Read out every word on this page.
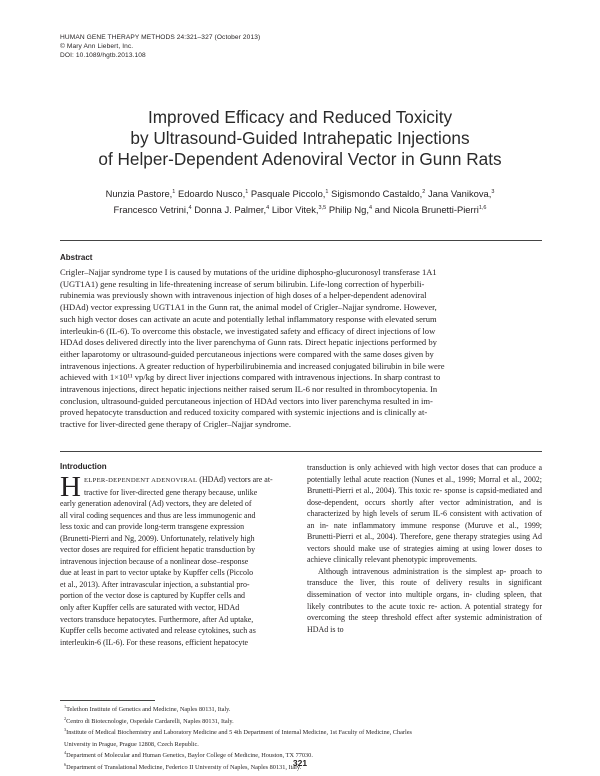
HUMAN GENE THERAPY METHODS 24:321–327 (October 2013)
© Mary Ann Liebert, Inc.
DOI: 10.1089/hgtb.2013.108
Improved Efficacy and Reduced Toxicity
by Ultrasound-Guided Intrahepatic Injections
of Helper-Dependent Adenoviral Vector in Gunn Rats
Nunzia Pastore,$^1$ Edoardo Nusco,$^1$ Pasquale Piccolo,$^1$ Sigismondo Castaldo,$^2$ Jana Vanikova,$^3$
Francesco Vetrini,$^4$ Donna J. Palmer,$^4$ Libor Vitek,$^{3,5}$ Philip Ng,$^4$ and Nicola Brunetti-Pierri$^{1,6}$
Abstract
Crigler–Najjar syndrome type I is caused by mutations of the uridine diphospho-glucuronosyl transferase 1A1
(UGT1A1) gene resulting in life-threatening increase of serum bilirubin. Life-long correction of hyperbili-
rubinemia was previously shown with intravenous injection of high doses of a helper-dependent adenoviral
(HDAd) vector expressing UGT1A1 in the Gunn rat, the animal model of Crigler–Najjar syndrome. However,
such high vector doses can activate an acute and potentially lethal inflammatory response with elevated serum
interleukin-6 (IL-6). To overcome this obstacle, we investigated safety and efficacy of direct injections of low
HDAd doses delivered directly into the liver parenchyma of Gunn rats. Direct hepatic injections performed by
either laparotomy or ultrasound-guided percutaneous injections were compared with the same doses given by
intravenous injections. A greater reduction of hyperbilirubinemia and increased conjugated bilirubin in bile were
achieved with 1×10¹¹ vp/kg by direct liver injections compared with intravenous injections. In sharp contrast to
intravenous injections, direct hepatic injections neither raised serum IL-6 nor resulted in thrombocytopenia. In
conclusion, ultrasound-guided percutaneous injection of HDAd vectors into liver parenchyma resulted in im-
proved hepatocyte transduction and reduced toxicity compared with systemic injections and is clinically at-
tractive for liver-directed gene therapy of Crigler–Najjar syndrome.
Introduction
H ELPER-DEPENDENT ADENOVIRAL (HDAd) vectors are at-
tractive for liver-directed gene therapy because, unlike
early generation adenoviral (Ad) vectors, they are deleted of
all viral coding sequences and thus are less immunogenic and
less toxic and can provide long-term transgene expression
(Brunetti-Pierri and Ng, 2009). Unfortunately, relatively high
vector doses are required for efficient hepatic transduction by
intravenous injection because of a nonlinear dose–response
due at least in part to vector uptake by Kupffer cells (Piccolo
et al., 2013). After intravascular injection, a substantial pro-
portion of the vector dose is captured by Kupffer cells and
only after Kupffer cells are saturated with vector, HDAd
vectors transduce hepatocytes. Furthermore, after Ad uptake,
Kupffer cells become activated and release cytokines, such as
interleukin-6 (IL-6). For these reasons, efficient hepatocyte

transduction is only achieved with high vector doses that can produce a potentially lethal acute reaction (Nunes et al., 1999; Morral et al., 2002; Brunetti-Pierri et al., 2004). This toxic re- sponse is capsid-mediated and dose-dependent, occurs shortly after vector administration, and is characterized by high levels of serum IL-6 consistent with activation of an in- nate inflammatory immune response (Muruve et al., 1999; Brunetti-Pierri et al., 2004). Therefore, gene therapy strategies using Ad vectors should make use of strategies aiming at using lower doses to achieve clinically relevant phenotypic improvements.

Although intravenous administration is the simplest ap- proach to transduce the liver, this route of delivery results in significant dissemination of vector into multiple organs, in- cluding spleen, that likely contributes to the acute toxic re- action. A potential strategy for overcoming the steep threshold effect after systemic administration of HDAd is to

$^1$Telethon Institute of Genetics and Medicine, Naples 80131, Italy.
$^2$Centro di Biotecnologie, Ospedale Cardarelli, Naples 80131, Italy.
$^3$Institute of Medical Biochemistry and Laboratory Medicine and 5 4th Department of Internal Medicine, 1st Faculty of Medicine, Charles
University in Prague, Prague 12808, Czech Republic.
$^4$Department of Molecular and Human Genetics, Baylor College of Medicine, Houston, TX 77030.
$^6$Department of Translational Medicine, Federico II University of Naples, Naples 80131, Italy.
321
